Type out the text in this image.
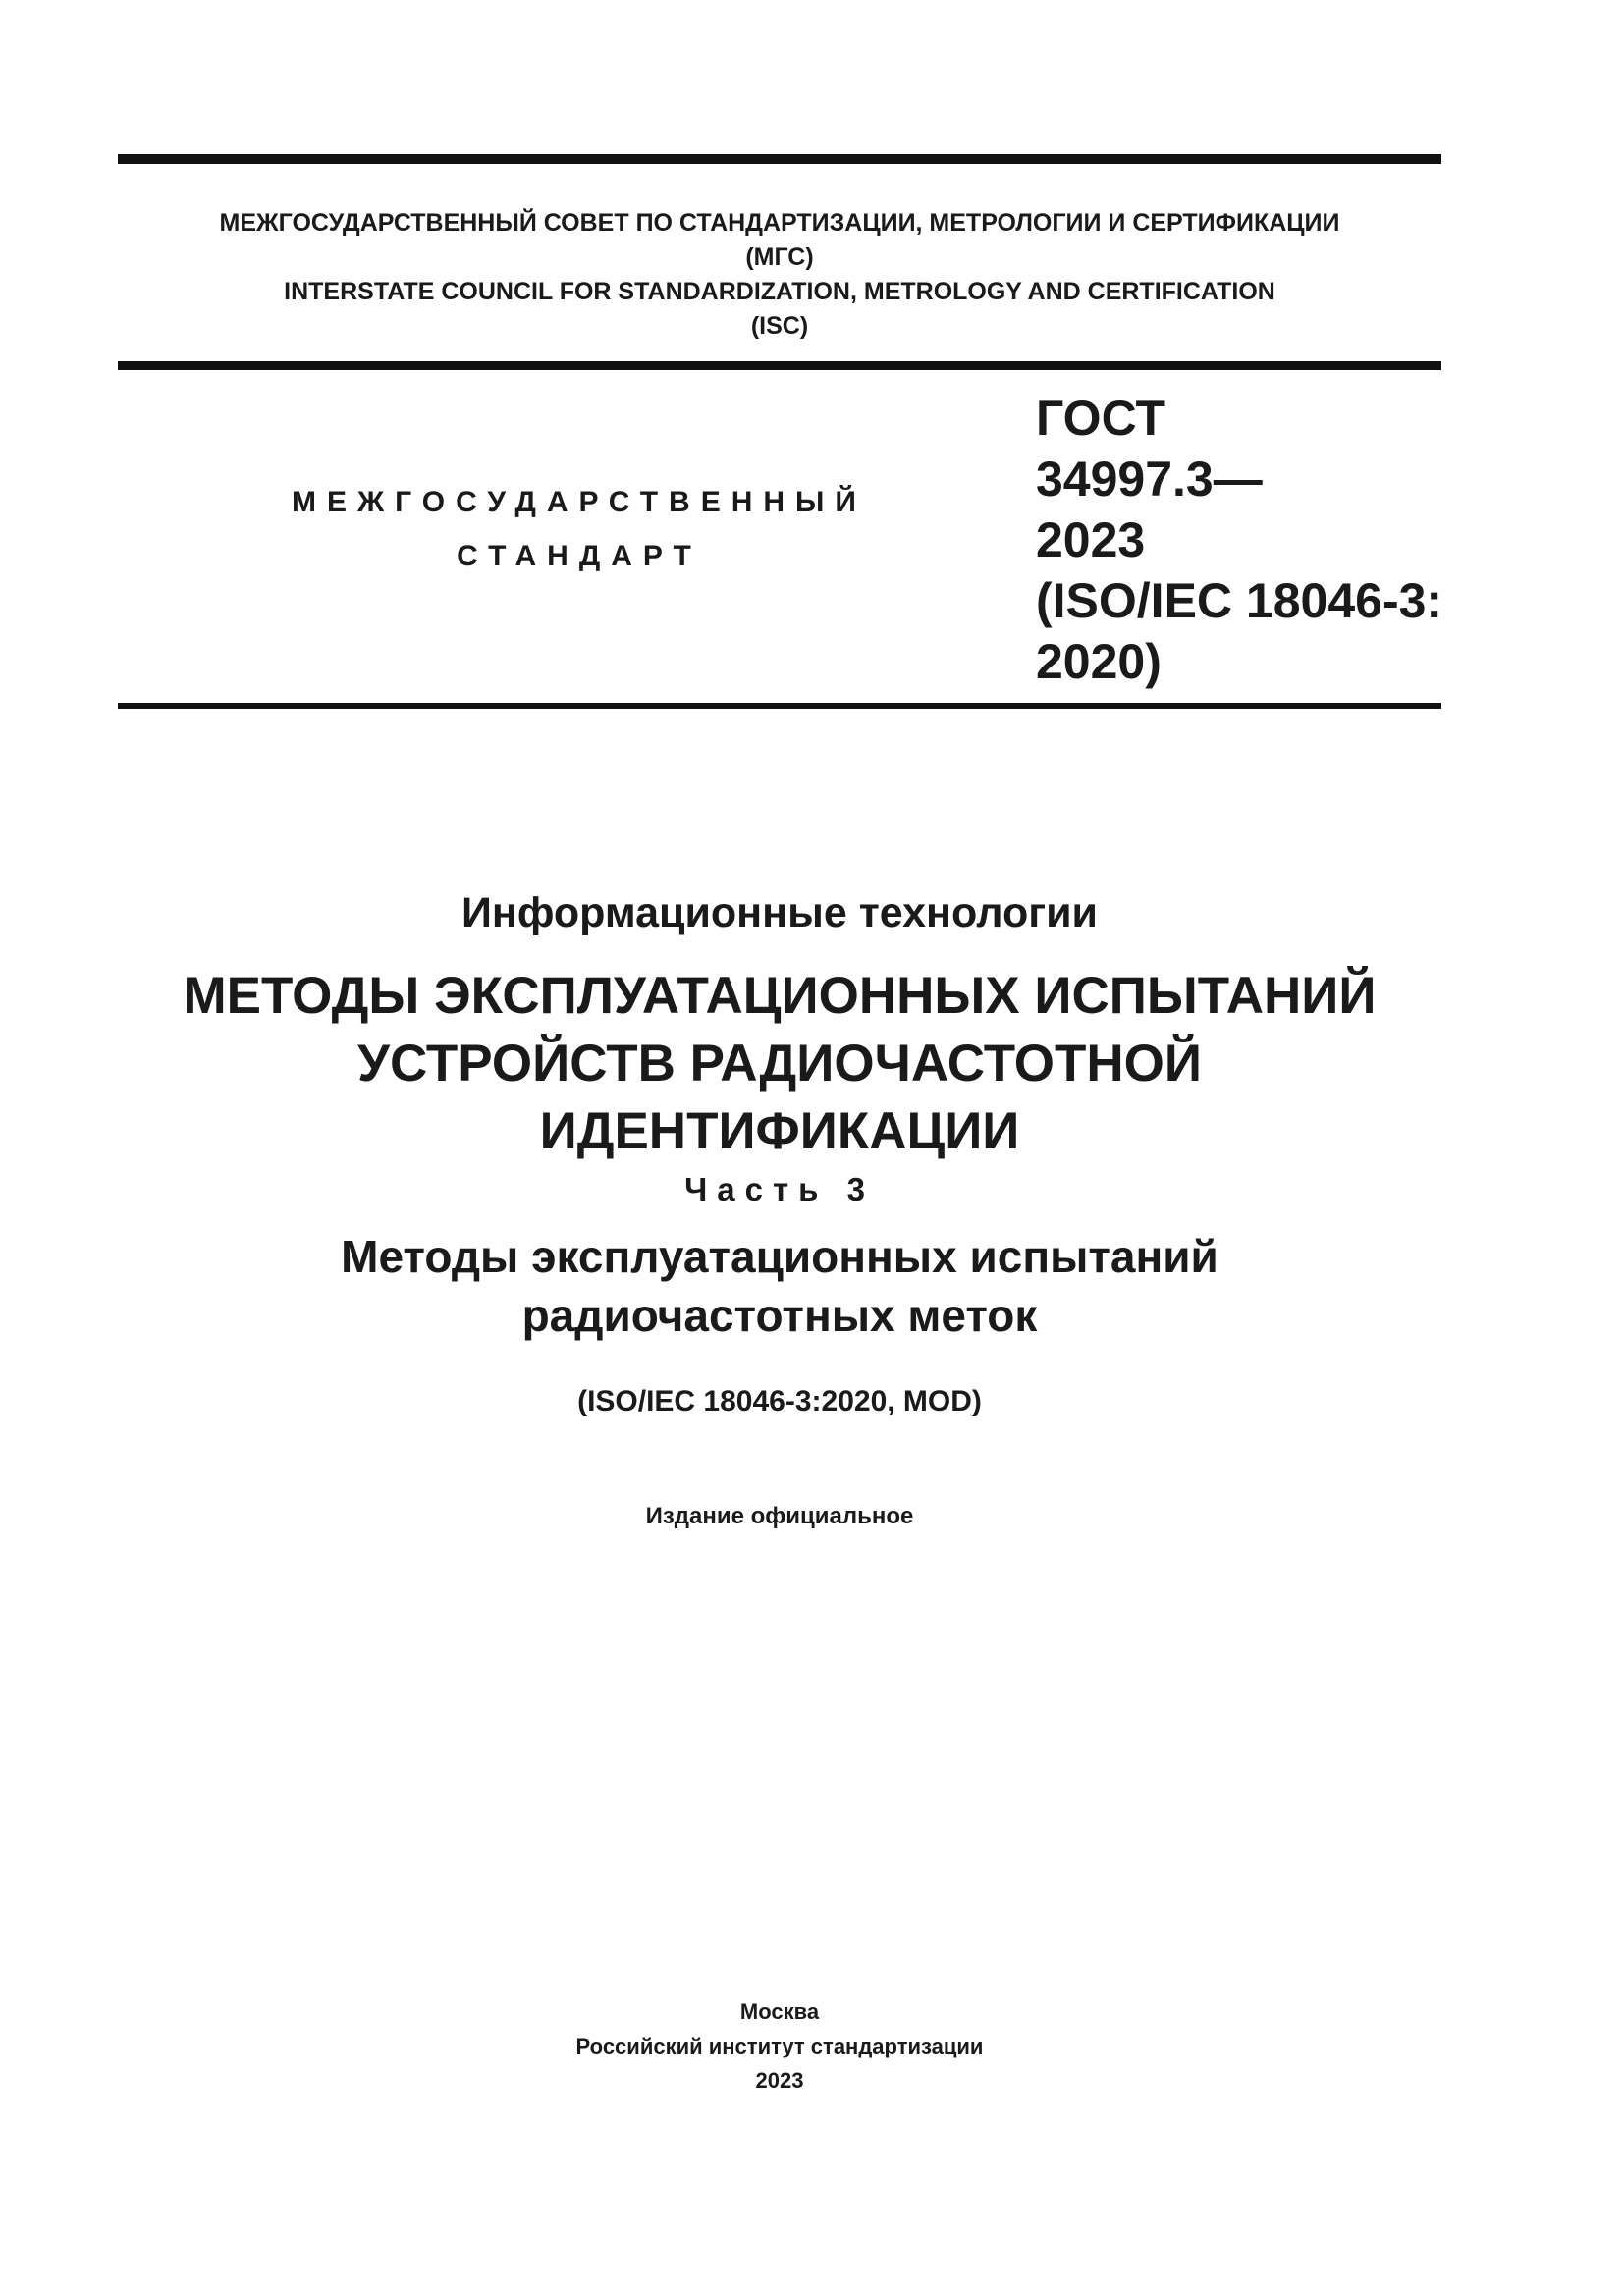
МЕЖГОСУДАРСТВЕННЫЙ СОВЕТ ПО СТАНДАРТИЗАЦИИ, МЕТРОЛОГИИ И СЕРТИФИКАЦИИ
(МГС)
INTERSTATE COUNCIL FOR STANDARDIZATION, METROLOGY AND CERTIFICATION
(ISC)
МЕЖГОСУДАРСТВЕННЫЙ
СТАНДАРТ
ГОСТ
34997.3—
2023
(ISO/IEC 18046-3:
2020)
Информационные технологии
МЕТОДЫ ЭКСПЛУАТАЦИОННЫХ ИСПЫТАНИЙ
УСТРОЙСТВ РАДИОЧАСТОТНОЙ
ИДЕНТИФИКАЦИИ
Часть 3
Методы эксплуатационных испытаний
радиочастотных меток
(ISO/IEC 18046-3:2020, MOD)
Издание официальное
Москва
Российский институт стандартизации
2023
